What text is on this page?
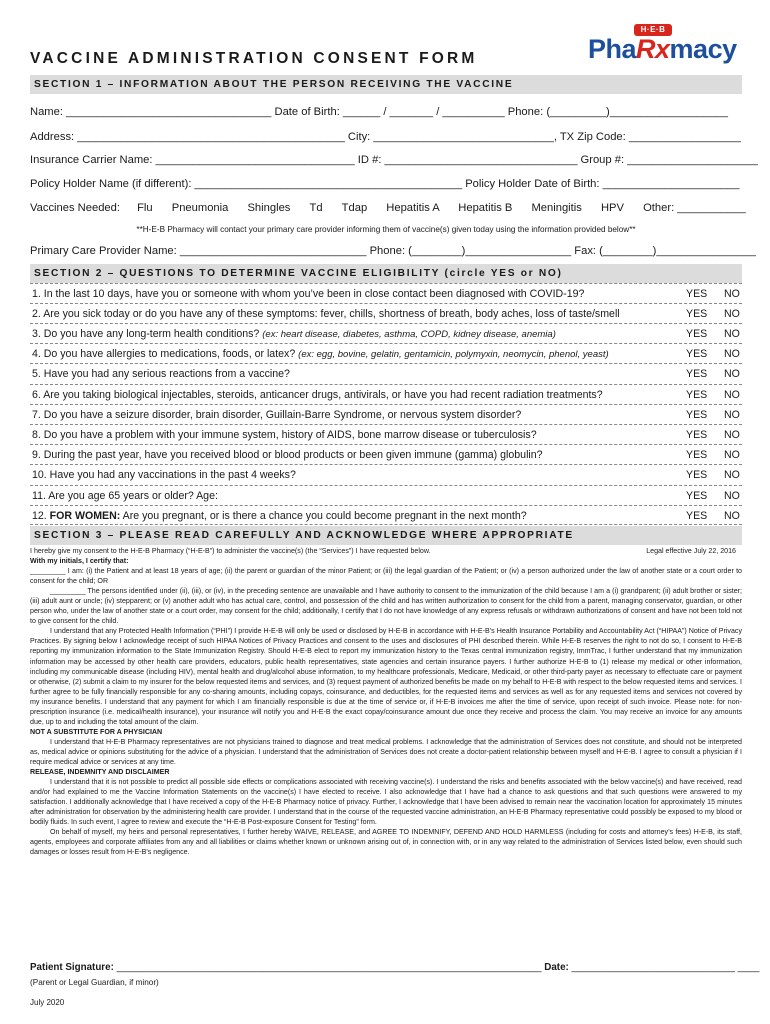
VACCINE ADMINISTRATION CONSENT FORM
H·E·B
PhaRxmacy
SECTION 1 – INFORMATION ABOUT THE PERSON RECEIVING THE VACCINE
Name: _________________________________ Date of Birth: ______ / _______ / __________ Phone: (_________)___________________
Address: ___________________________________________ City: _____________________________, TX Zip Code: __________________
Insurance Carrier Name: ________________________________ ID #: _______________________________ Group #: _____________________
Policy Holder Name (if different): ___________________________________________ Policy Holder Date of Birth: ______________________
Vaccines Needed: Flu Pneumonia Shingles Td Tdap Hepatitis A Hepatitis B Meningitis HPV Other: ___________
**H-E-B Pharmacy will contact your primary care provider informing them of vaccine(s) given today using the information provided below**
Primary Care Provider Name: ______________________________ Phone: (________)_________________ Fax: (________)________________
SECTION 2 – QUESTIONS TO DETERMINE VACCINE ELIGIBILITY (circle YES or NO)
1. In the last 10 days, have you or someone with whom you’ve been in close contact been diagnosed with COVID-19?	YES NO
2. Are you sick today or do you have any of these symptoms: fever, chills, shortness of breath, body aches, loss of taste/smell	YES NO
3. Do you have any long-term health conditions? (ex: heart disease, diabetes, asthma, COPD, kidney disease, anemia)	YES NO
4. Do you have allergies to medications, foods, or latex? (ex: egg, bovine, gelatin, gentamicin, polymyxin, neomycin, phenol, yeast)	YES NO
5. Have you had any serious reactions from a vaccine?	YES NO
6. Are you taking biological injectables, steroids, anticancer drugs, antivirals, or have you had recent radiation treatments?	YES NO
7. Do you have a seizure disorder, brain disorder, Guillain-Barre Syndrome, or nervous system disorder?	YES NO
8. Do you have a problem with your immune system, history of AIDS, bone marrow disease or tuberculosis?	YES NO
9. During the past year, have you received blood or blood products or been given immune (gamma) globulin?	YES NO
10. Have you had any vaccinations in the past 4 weeks?	YES NO
11. Are you age 65 years or older? Age:	YES NO
12. FOR WOMEN: Are you pregnant, or is there a chance you could become pregnant in the next month?	YES NO
SECTION 3 – PLEASE READ CAREFULLY AND ACKNOWLEDGE WHERE APPROPRIATE
Legal effective July 22, 2016

I hereby give my consent to the H-E-B Pharmacy (“H-E-B”) to administer the vaccine(s) (the “Services”) I have requested below.

With my initials, I certify that:

_________ I am: (i) the Patient and at least 18 years of age; (ii) the parent or guardian of the minor Patient; or (iii) the legal guardian of the Patient; or (iv) a person authorized under the law of another state or a court order to consent for the child; OR

_________ The persons identified under (ii), (iii), or (iv), in the preceding sentence are unavailable and I have authority to consent to the immunization of the child because I am a (i) grandparent; (ii) adult brother or sister; (iii) adult aunt or uncle; (iv) stepparent; or (v) another adult who has actual care, control, and possession of the child and has written authorization to consent for the child from a parent, managing conservator, guardian, or other person who, under the law of another state or a court order, may consent for the child; additionally, I certify that I do not have knowledge of any express refusals or withdrawn authorizations of consent and have not been told not to give consent for the child.

I understand that any Protected Health Information (“PHI”) I provide H-E-B will only be used or disclosed by H-E-B in accordance with H-E-B’s Health Insurance Portability and Accountability Act (“HIPAA”) Notice of Privacy Practices. By signing below I acknowledge receipt of such HIPAA Notices of Privacy Practices and consent to the uses and disclosures of PHI described therein. While H-E-B reserves the right to not do so, I consent to H-E-B reporting my immunization information to the State Immunization Registry. Should H-E-B elect to report my immunization history to the Texas central immunization registry, ImmTrac, I further understand that my immunization information may be accessed by other health care providers, educators, public health representatives, state agencies and certain insurance payers. I further authorize H-E-B to (1) release my medical or other information, including my communicable disease (including HIV), mental health and drug/alcohol abuse information, to my healthcare professionals, Medicare, Medicaid, or other third-party payer as necessary to effectuate care or payment or otherwise, (2) submit a claim to my insurer for the below requested items and services, and (3) request payment of authorized benefits be made on my behalf to H-E-B with respect to the below requested items and services. I further agree to be fully financially responsible for any co-sharing amounts, including copays, coinsurance, and deductibles, for the requested items and services as well as for any requested items and services not covered by my insurance benefits. I understand that any payment for which I am financially responsible is due at the time of service or, if H-E-B invoices me after the time of service, upon receipt of such invoice. Please note: for non-prescription insurance (i.e. medical/health insurance), your insurance will notify you and H-E-B the exact copay/coinsurance amount due once they receive and process the claim. You may receive an invoice for any amounts due, up to and including the total amount of the claim.

NOT A SUBSTITUTE FOR A PHYSICIAN

I understand that H-E-B Pharmacy representatives are not physicians trained to diagnose and treat medical problems. I acknowledge that the administration of Services does not constitute, and should not be interpreted as, medical advice or opinions substituting for the advice of a physician. I understand that the administration of Services does not create a doctor-patient relationship between myself and H-E-B. I agree to consult a physician if I require medical advice or services at any time.

RELEASE, INDEMNITY AND DISCLAIMER

I understand that it is not possible to predict all possible side effects or complications associated with receiving vaccine(s). I understand the risks and benefits associated with the below vaccine(s) and have received, read and/or had explained to me the Vaccine Information Statements on the vaccine(s) I have elected to receive. I also acknowledge that I have had a chance to ask questions and that such questions were answered to my satisfaction. I additionally acknowledge that I have received a copy of the H-E-B Pharmacy notice of privacy. Further, I acknowledge that I have been advised to remain near the vaccination location for approximately 15 minutes after administration for observation by the administering health care provider. I understand that in the course of the requested vaccine administration, an H-E-B Pharmacy representative could possibly be exposed to my blood or bodily fluids. In such event, I agree to review and execute the “H-E-B Post-exposure Consent for Testing” form.

On behalf of myself, my heirs and personal representatives, I further hereby WAIVE, RELEASE, and AGREE TO INDEMNIFY, DEFEND AND HOLD HARMLESS (including for costs and attorney’s fees) H-E-B, its staff, agents, employees and corporate affiliates from any and all liabilities or claims whether known or unknown arising out of, in connection with, or in any way related to the administration of Services listed below, even should such damages or losses result from H-E-B’s negligence.

Patient Signature: ______________________________________________________________________________ Date: ______________________________ ____
(Parent or Legal Guardian, if minor)
July 2020
